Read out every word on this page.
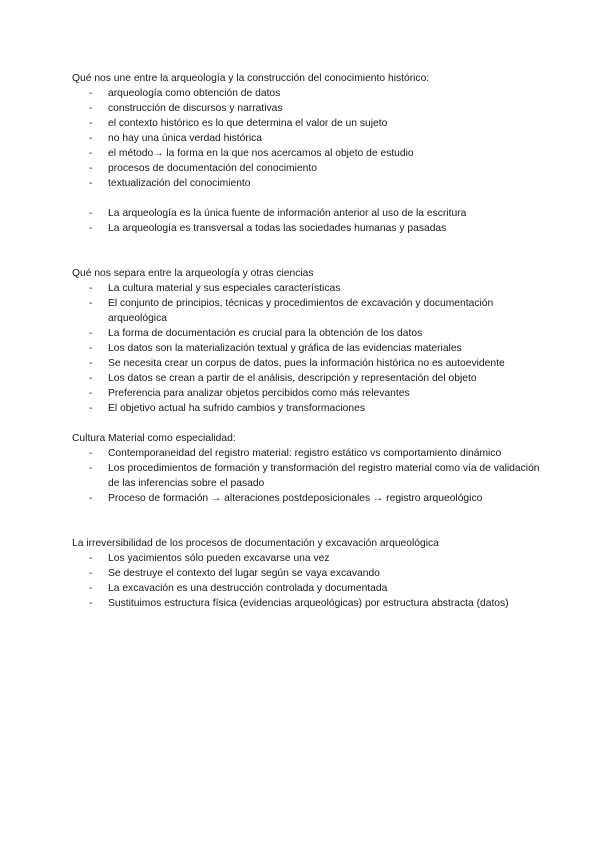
Qué nos une entre la arqueología y la construcción del conocimiento histórico:

- arqueología como obtención de datos
- construcción de discursos y narrativas
- el contexto histórico es lo que determina el valor de un sujeto
- no hay una única verdad histórica
- el método→ la forma en la que nos acercamos al objeto de estudio
- procesos de documentación del conocimiento
- textualización del conocimiento
- La arqueología es la única fuente de información anterior al uso de la escritura
- La arqueología es transversal a todas las sociedades humanas y pasadas

Qué nos separa entre la arqueología y otras ciencias

- La cultura material y sus especiales características
- El conjunto de principios, técnicas y procedimientos de excavación y documentación arqueológica
- La forma de documentación es crucial para la obtención de los datos
- Los datos son la materialización textual y gráfica de las evidencias materiales
- Se necesita crear un corpus de datos, pues la información histórica no es autoevidente
- Los datos se crean a partir de el análisis, descripción y representación del objeto
- Preferencia para analizar objetos percibidos como más relevantes
- El objetivo actual ha sufrido cambios y transformaciones

Cultura Material como especialidad:

- Contemporaneidad del registro material: registro estático vs comportamiento dinámico
- Los procedimientos de formación y transformación del registro material como vía de validación de las inferencias sobre el pasado
- Proceso de formación → alteraciones postdeposicionales → registro arqueológico

La irreversibilidad de los procesos de documentación y excavación arqueológica

- Los yacimientos sólo pueden excavarse una vez
- Se destruye el contexto del lugar según se vaya excavando
- La excavación es una destrucción controlada y documentada
- Sustituimos estructura física (evidencias arqueológicas) por estructura abstracta (datos)
